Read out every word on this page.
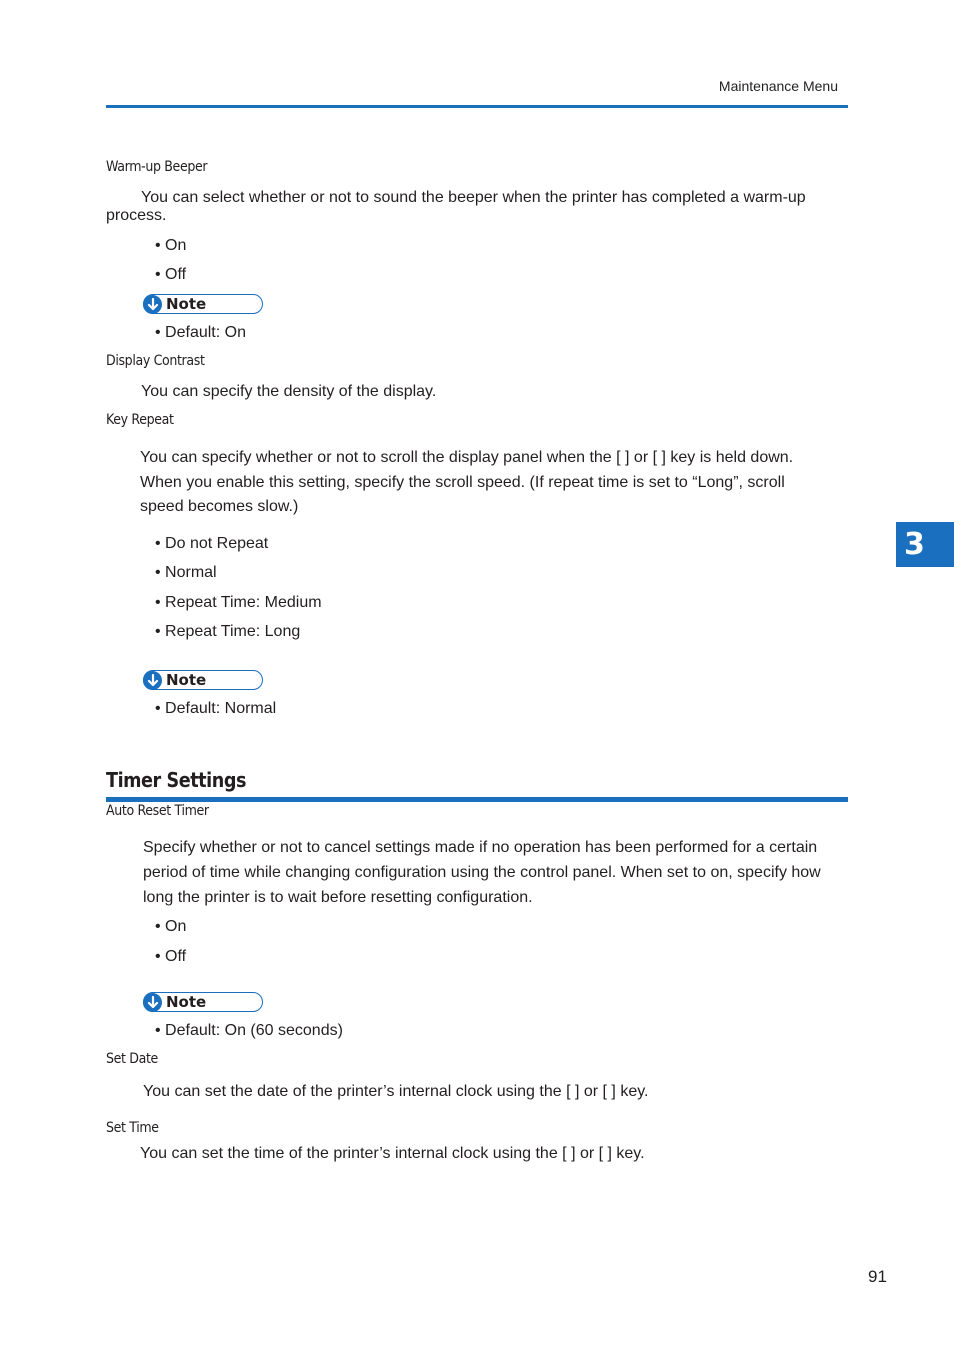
Maintenance Menu
Warm-up Beeper
You can select whether or not to sound the beeper when the printer has completed a warm-up process.
• On
• Off
Note
• Default: On
Display Contrast
You can specify the density of the display.
Key Repeat
You can specify whether or not to scroll the display panel when the [ ] or [ ] key is held down.
When you enable this setting, specify the scroll speed. (If repeat time is set to “Long”, scroll
speed becomes slow.)
• Do not Repeat
• Normal
• Repeat Time: Medium
• Repeat Time: Long
Note
• Default: Normal
Timer Settings
Auto Reset Timer
Specify whether or not to cancel settings made if no operation has been performed for a certain
period of time while changing configuration using the control panel. When set to on, specify how
long the printer is to wait before resetting configuration.
• On
• Off
Note
• Default: On (60 seconds)
Set Date
You can set the date of the printer’s internal clock using the [ ] or [ ] key.
Set Time
You can set the time of the printer’s internal clock using the [ ] or [ ] key.
3
91
